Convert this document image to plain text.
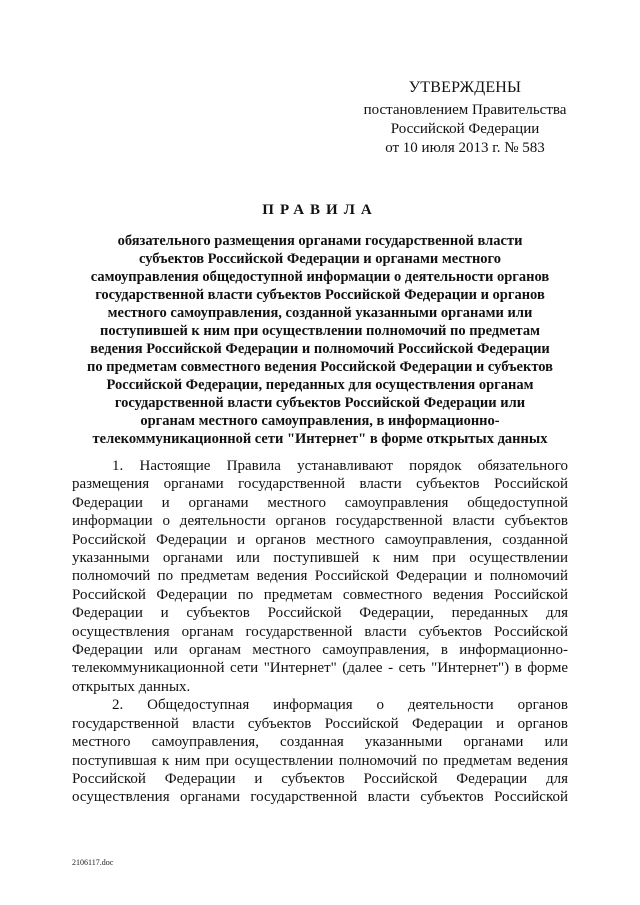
УТВЕРЖДЕНЫ
постановлением Правительства
Российской Федерации
от 10 июля 2013 г. № 583
ПРАВИЛА
обязательного размещения органами государственной власти
субъектов Российской Федерации и органами местного
самоуправления общедоступной информации о деятельности органов
государственной власти субъектов Российской Федерации и органов
местного самоуправления, созданной указанными органами или
поступившей к ним при осуществлении полномочий по предметам
ведения Российской Федерации и полномочий Российской Федерации
по предметам совместного ведения Российской Федерации и субъектов
Российской Федерации, переданных для осуществления органам
государственной власти субъектов Российской Федерации или
органам местного самоуправления, в информационно-
телекоммуникационной сети "Интернет" в форме открытых данных
1. Настоящие Правила устанавливают порядок обязательного
размещения органами государственной власти субъектов Российской
Федерации и органами местного самоуправления общедоступной
информации о деятельности органов государственной власти субъектов
Российской Федерации и органов местного самоуправления, созданной
указанными органами или поступившей к ним при осуществлении
полномочий по предметам ведения Российской Федерации и полномочий
Российской Федерации по предметам совместного ведения Российской
Федерации и субъектов Российской Федерации, переданных для
осуществления органам государственной власти субъектов Российской
Федерации или органам местного самоуправления, в информационно-
телекоммуникационной сети "Интернет" (далее - сеть "Интернет") в форме
открытых данных.
2. Общедоступная информация о деятельности органов
государственной власти субъектов Российской Федерации и органов
местного самоуправления, созданная указанными органами или
поступившая к ним при осуществлении полномочий по предметам ведения
Российской Федерации и субъектов Российской Федерации для
осуществления органами государственной власти субъектов Российской
2106117.doc
